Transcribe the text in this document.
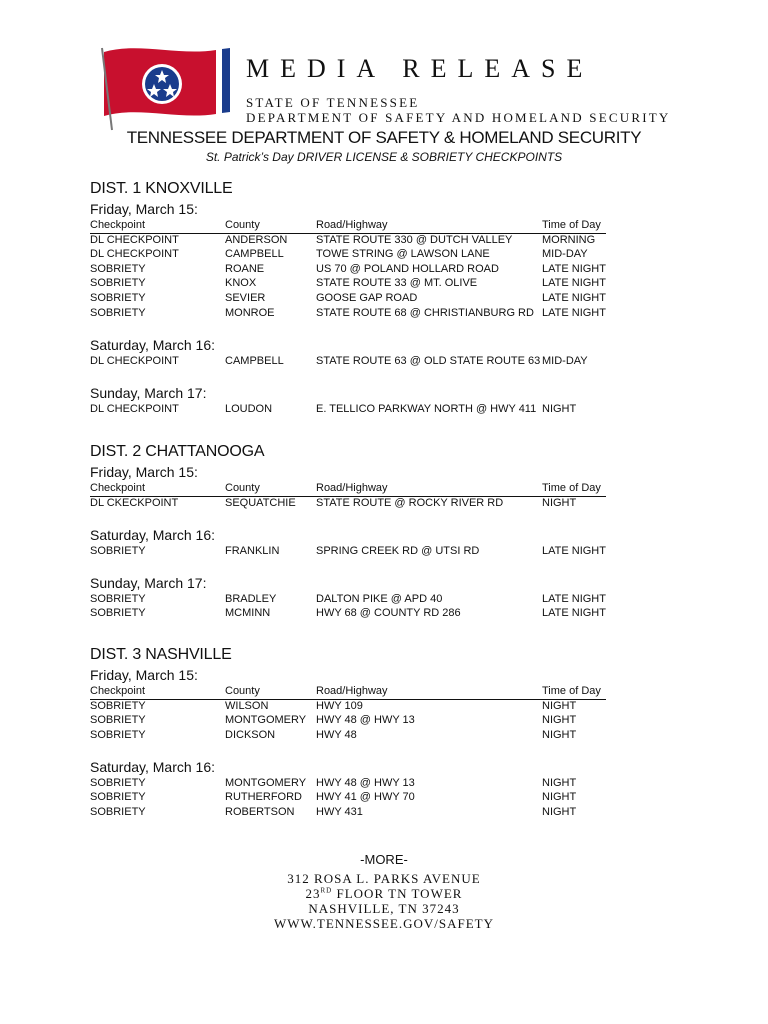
MEDIA RELEASE
STATE OF TENNESSEE
DEPARTMENT OF SAFETY AND HOMELAND SECURITY
TENNESSEE DEPARTMENT OF SAFETY & HOMELAND SECURITY
St. Patrick’s Day DRIVER LICENSE & SOBRIETY CHECKPOINTS
DIST. 1 KNOXVILLE
Friday, March 15:
Checkpoint	County	Road/Highway	Time of Day
DL CHECKPOINT	ANDERSON	STATE ROUTE 330 @ DUTCH VALLEY	MORNING
DL CHECKPOINT	CAMPBELL	TOWE STRING @ LAWSON LANE	MID-DAY
SOBRIETY	ROANE	US 70 @ POLAND HOLLARD ROAD	LATE NIGHT
SOBRIETY	KNOX	STATE ROUTE 33 @ MT. OLIVE	LATE NIGHT
SOBRIETY	SEVIER	GOOSE GAP ROAD	LATE NIGHT
SOBRIETY	MONROE	STATE ROUTE 68 @ CHRISTIANBURG RD LATE NIGHT
Saturday, March 16:
DL CHECKPOINT	CAMPBELL	STATE ROUTE 63 @ OLD STATE ROUTE 63 MID-DAY
Sunday, March 17:
DL CHECKPOINT	LOUDON	E. TELLICO PARKWAY NORTH @ HWY 411 NIGHT
DIST. 2 CHATTANOOGA
Friday, March 15:
Checkpoint	County	Road/Highway	Time of Day
DL CKECKPOINT	SEQUATCHIE STATE ROUTE @ ROCKY RIVER RD	NIGHT
Saturday, March 16:
SOBRIETY	FRANKLIN	SPRING CREEK RD @ UTSI RD	LATE NIGHT
Sunday, March 17:
SOBRIETY	BRADLEY	DALTON PIKE @ APD 40	LATE NIGHT
SOBRIETY	MCMINN	HWY 68 @ COUNTY RD 286	LATE NIGHT
DIST. 3 NASHVILLE
Friday, March 15:
Checkpoint	County	Road/Highway	Time of Day
SOBRIETY	WILSON	HWY 109	NIGHT
SOBRIETY	MONTGOMERY HWY 48 @ HWY 13	NIGHT
SOBRIETY	DICKSON	HWY 48	NIGHT
Saturday, March 16:
SOBRIETY	MONTGOMERY HWY 48 @ HWY 13	NIGHT
SOBRIETY	RUTHERFORD HWY 41 @ HWY 70	NIGHT
SOBRIETY	ROBERTSON HWY 431	NIGHT
-MORE-
312 ROSA L. PARKS AVENUE
23RD FLOOR TN TOWER
NASHVILLE, TN 37243
WWW.TENNESSEE.GOV/SAFETY
